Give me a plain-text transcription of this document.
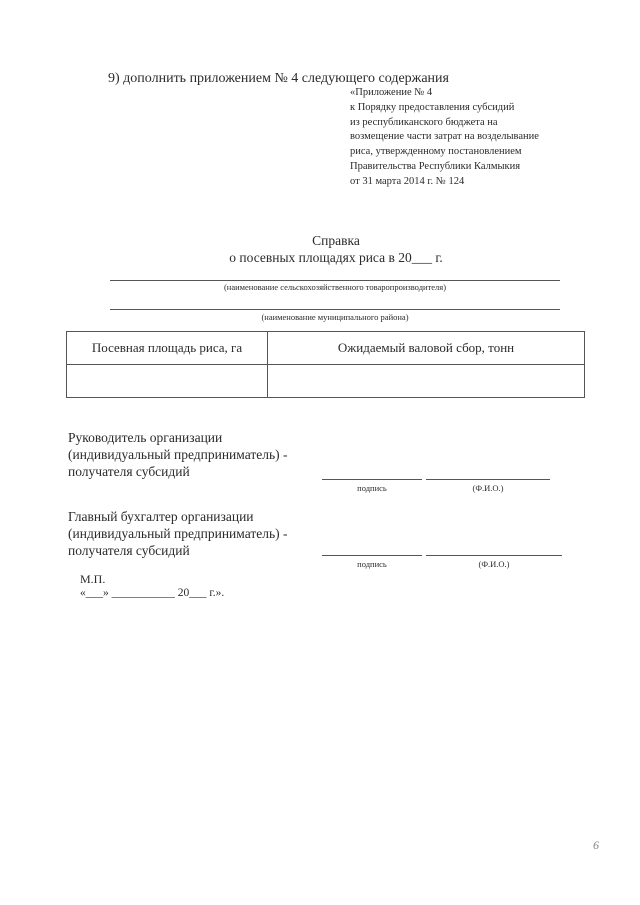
9) дополнить приложением № 4 следующего содержания
«Приложение № 4
к Порядку предоставления субсидий
из республиканского бюджета на
возмещение части затрат на возделывание
риса, утвержденному постановлением
Правительства Республики Калмыкия
от 31 марта 2014 г. № 124
Справка
о посевных площадях риса в 20___ г.
(наименование сельскохозяйственного товаропроизводителя)
(наименование муниципального района)
Посевная площадь риса, га	Ожидаемый валовой сбор, тонн

Руководитель организации
(индивидуальный предприниматель) -
получателя субсидий
подпись	(Ф.И.О.)
Главный бухгалтер организации
(индивидуальный предприниматель) -
получателя субсидий
подпись	(Ф.И.О.)
М.П.
«___» ___________ 20___ г.».
6
